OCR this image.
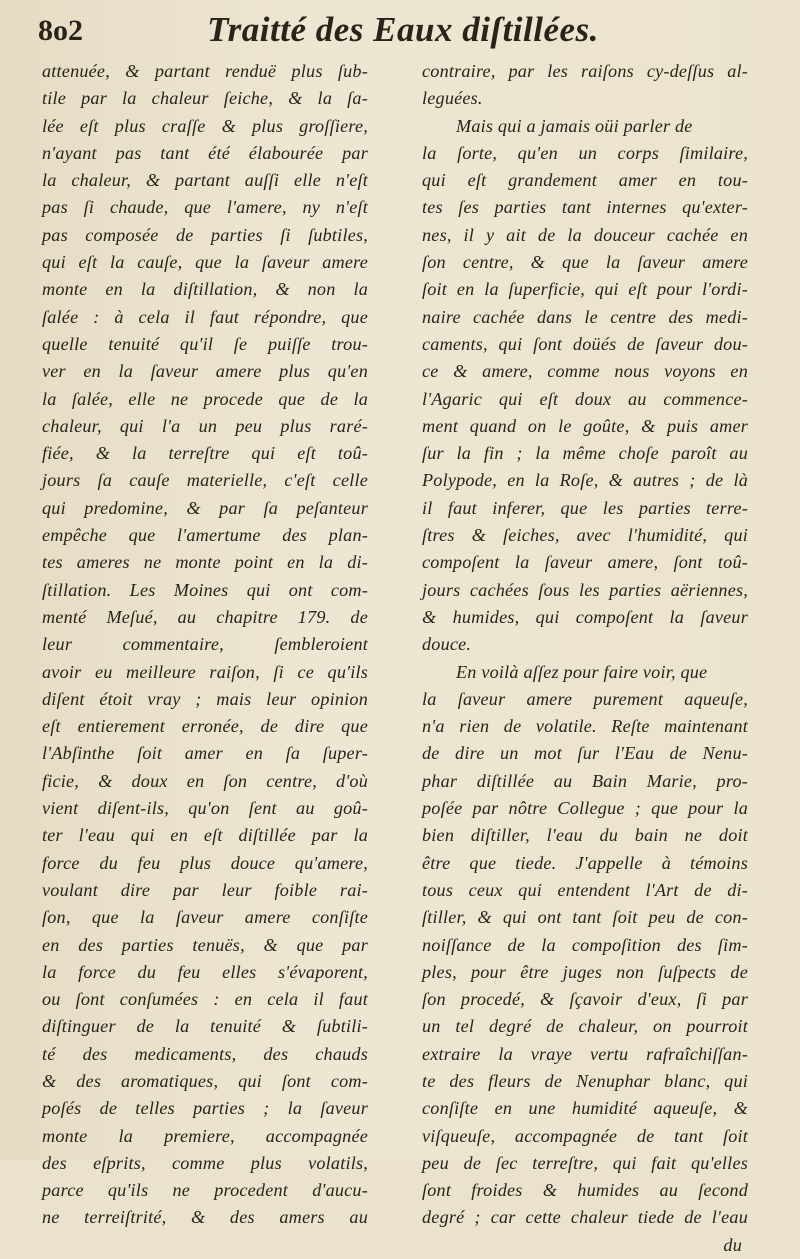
8o2	Traitté des Eaux diſtillées.
attenuée, & partant renduë plus ſub-
tile par la chaleur ſeiche, & la ſa-
lée eſt plus craſſe & plus groſſiere,
n'ayant pas tant été élabourée par
la chaleur, & partant auſſi elle n'eſt
pas ſi chaude, que l'amere, ny n'eſt
pas composée de parties ſi ſubtiles,
qui eſt la cauſe, que la ſaveur amere
monte en la diſtillation, & non la
ſalée : à cela il faut répondre, que
quelle tenuité qu'il ſe puiſſe trou-
ver en la ſaveur amere plus qu'en
la ſalée, elle ne procede que de la
chaleur, qui l'a un peu plus raré-
fiée, & la terreſtre qui eſt toû-
jours ſa cauſe materielle, c'eſt celle
qui predomine, & par ſa peſanteur
empêche que l'amertume des plan-
tes ameres ne monte point en la di-
ſtillation. Les Moines qui ont com-
menté Meſué, au chapitre 179. de
leur commentaire, ſembleroient
avoir eu meilleure raiſon, ſi ce qu'ils
diſent étoit vray ; mais leur opinion
eſt entierement erronée, de dire que
l'Abſinthe ſoit amer en ſa ſuper-
ficie, & doux en ſon centre, d'où
vient diſent-ils, qu'on ſent au goû-
ter l'eau qui en eſt diſtillée par la
force du feu plus douce qu'amere,
voulant dire par leur foible rai-
ſon, que la ſaveur amere conſiſte
en des parties tenuës, & que par
la force du feu elles s'évaporent,
ou ſont conſumées : en cela il faut
diſtinguer de la tenuité & ſubtili-
té des medicaments, des chauds
& des aromatiques, qui ſont com-
poſés de telles parties ; la ſaveur
monte la premiere, accompagnée
des eſprits, comme plus volatils,
parce qu'ils ne procedent d'aucu-
ne terreiſtrité, & des amers au
contraire, par les raiſons cy-deſſus al-
leguées.
Mais qui a jamais oüi parler de
la ſorte, qu'en un corps ſimilaire,
qui eſt grandement amer en tou-
tes ſes parties tant internes qu'exter-
nes, il y ait de la douceur cachée en
ſon centre, & que la ſaveur amere
ſoit en la ſuperficie, qui eſt pour l'ordi-
naire cachée dans le centre des medi-
caments, qui ſont doüés de ſaveur dou-
ce & amere, comme nous voyons en
l'Agaric qui eſt doux au commence-
ment quand on le goûte, & puis amer
ſur la fin ; la même choſe paroît au
Polypode, en la Roſe, & autres ; de là
il faut inferer, que les parties terre-
ſtres & ſeiches, avec l'humidité, qui
compoſent la ſaveur amere, ſont toû-
jours cachées ſous les parties aëriennes,
& humides, qui compoſent la ſaveur
douce.
En voilà aſſez pour faire voir, que
la ſaveur amere purement aqueuſe,
n'a rien de volatile. Reſte maintenant
de dire un mot ſur l'Eau de Nenu-
phar diſtillée au Bain Marie, pro-
poſée par nôtre Collegue ; que pour la
bien diſtiller, l'eau du bain ne doit
être que tiede. J'appelle à témoins
tous ceux qui entendent l'Art de di-
ſtiller, & qui ont tant ſoit peu de con-
noiſſance de la compoſition des ſim-
ples, pour être juges non ſuſpects de
ſon procedé, & ſçavoir d'eux, ſi par
un tel degré de chaleur, on pourroit
extraire la vraye vertu rafraîchiſſan-
te des fleurs de Nenuphar blanc, qui
conſiſte en une humidité aqueuſe, &
viſqueuſe, accompagnée de tant ſoit
peu de ſec terreſtre, qui fait qu'elles
ſont froides & humides au ſecond
degré ; car cette chaleur tiede de l'eau
du
